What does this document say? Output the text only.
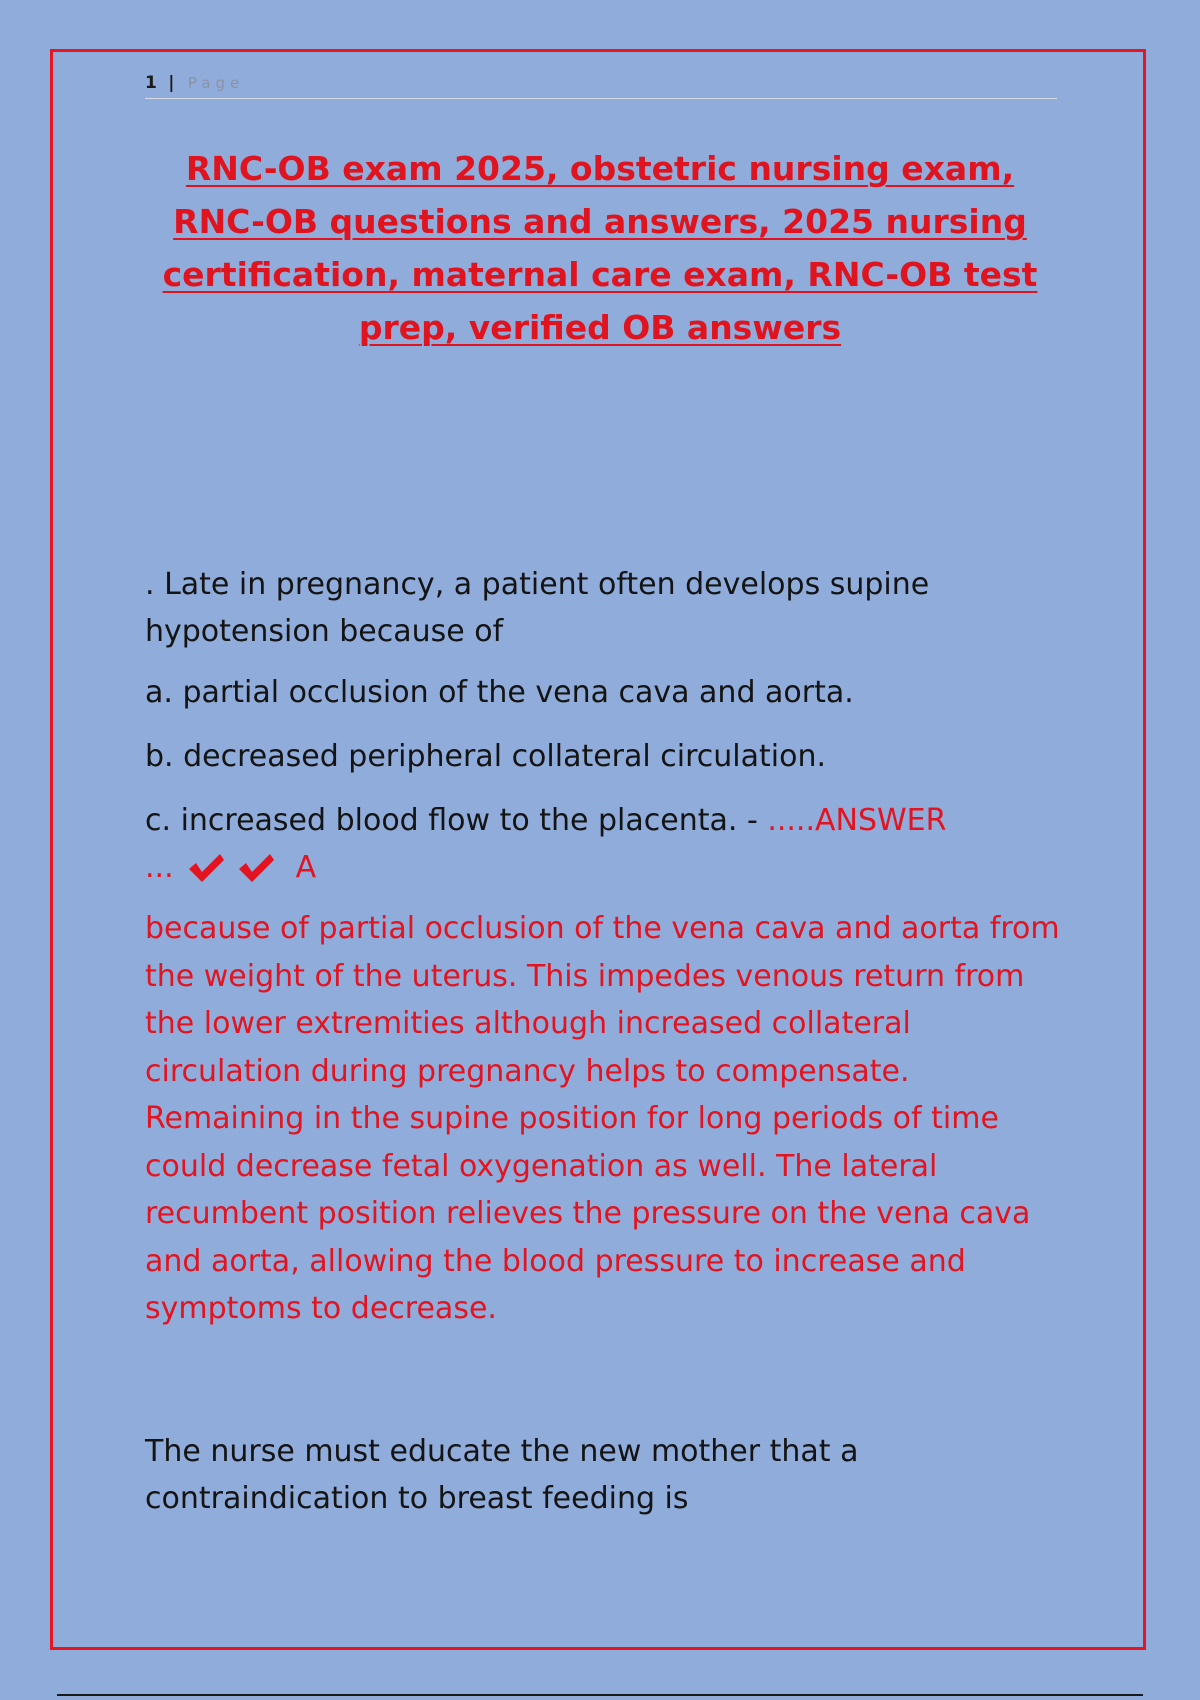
1 | Page
RNC-OB exam 2025, obstetric nursing exam, RNC-OB questions and answers, 2025 nursing certification, maternal care exam, RNC-OB test prep, verified OB answers

. Late in pregnancy, a patient often develops supine hypotension because of

a. partial occlusion of the vena cava and aorta.

b. decreased peripheral collateral circulation.

c. increased blood flow to the placenta. - .....ANSWER

...	A

because of partial occlusion of the vena cava and aorta from the weight of the uterus. This impedes venous return from the lower extremities although increased collateral circulation during pregnancy helps to compensate. Remaining in the supine position for long periods of time could decrease fetal oxygenation as well. The lateral recumbent position relieves the pressure on the vena cava and aorta, allowing the blood pressure to increase and symptoms to decrease.

The nurse must educate the new mother that a contraindication to breast feeding is
